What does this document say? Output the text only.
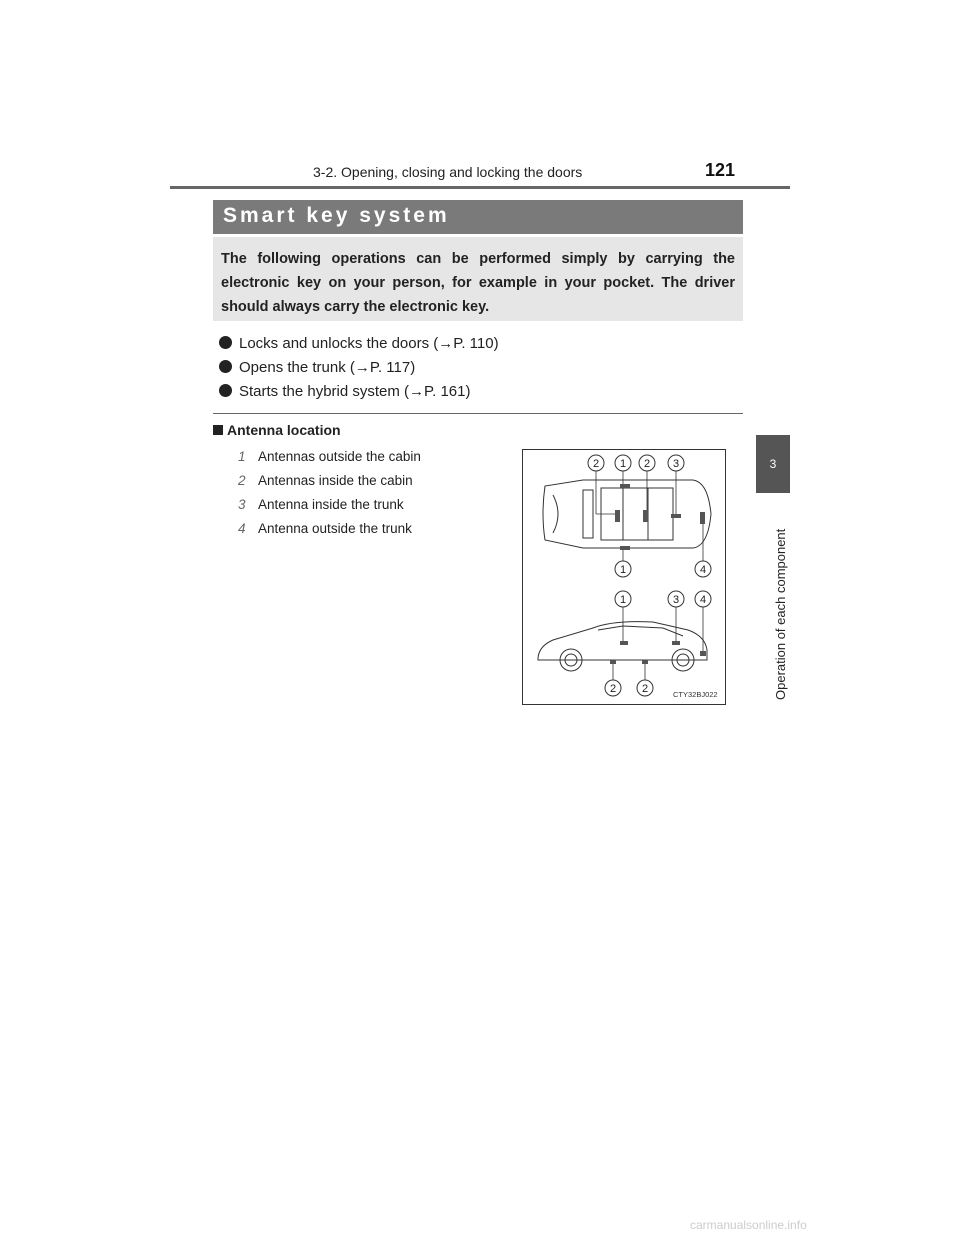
3-2. Opening, closing and locking the doors	121
3
Operation of each component
Smart key system
The following operations can be performed simply by carrying the electronic key on your person, for example in your pocket. The driver should always carry the electronic key.
Locks and unlocks the doors (→P. 110)
Opens the trunk (→P. 117)
Starts the hybrid system (→P. 161)
Antenna location
1 Antennas outside the cabin
2 Antennas inside the cabin
3 Antenna inside the trunk
4 Antenna outside the trunk
2 1 2 3
1	4
1	3 4
2 2	CTY32BJ022
carmanualsonline.info
